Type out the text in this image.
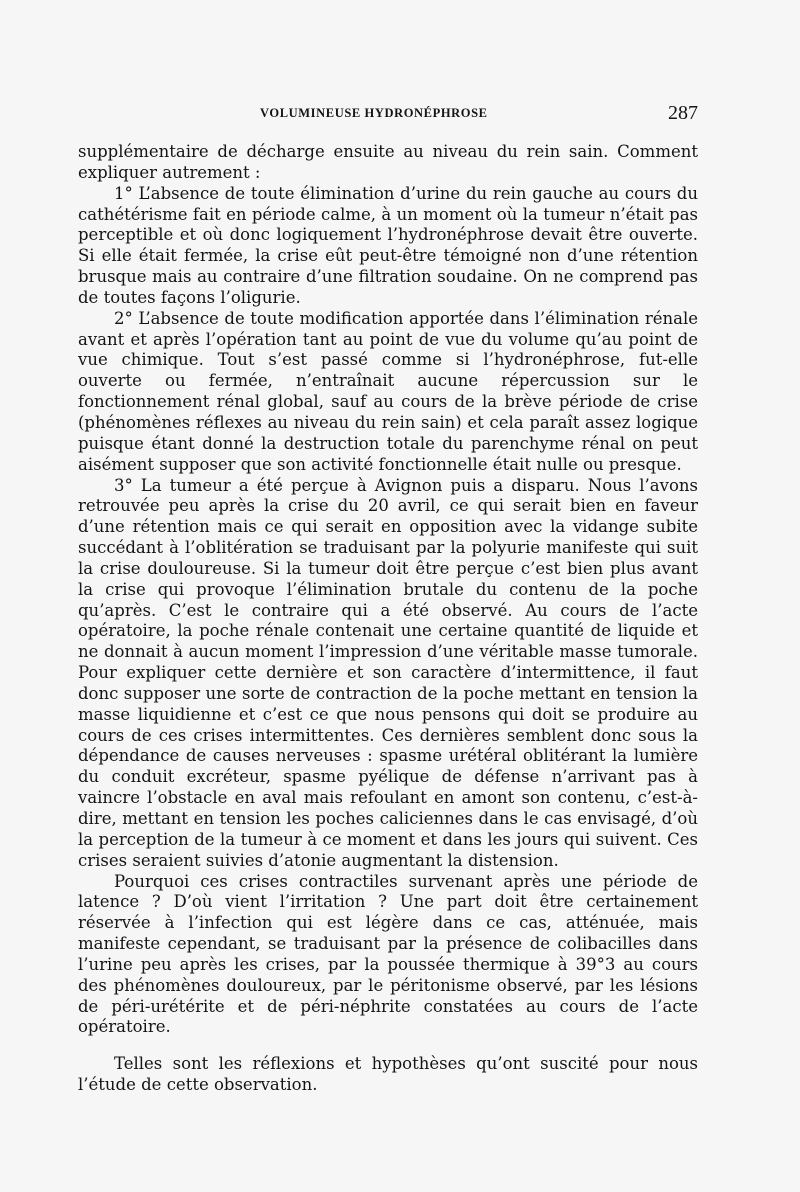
VOLUMINEUSE HYDRONÉPHROSE	287

supplémentaire de décharge ensuite au niveau du rein sain. Comment expliquer autrement :

1° L’absence de toute élimination d’urine du rein gauche au cours du cathétérisme fait en période calme, à un moment où la tumeur n’était pas perceptible et où donc logiquement l’hydronéphrose devait être ouverte. Si elle était fermée, la crise eût peut-être témoigné non d’une rétention brusque mais au contraire d’une filtration soudaine. On ne comprend pas de toutes façons l’oligurie.

2° L’absence de toute modification apportée dans l’élimination rénale avant et après l’opération tant au point de vue du volume qu’au point de vue chimique. Tout s’est passé comme si l’hydronéphrose, fut-elle ouverte ou fermée, n’entraînait aucune répercussion sur le fonctionnement rénal global, sauf au cours de la brève période de crise (phénomènes réflexes au niveau du rein sain) et cela paraît assez logique puisque étant donné la destruction totale du parenchyme rénal on peut aisément supposer que son activité fonctionnelle était nulle ou presque.

3° La tumeur a été perçue à Avignon puis a disparu. Nous l’avons retrouvée peu après la crise du 20 avril, ce qui serait bien en faveur d’une rétention mais ce qui serait en opposition avec la vidange subite succédant à l’oblitération se traduisant par la polyurie manifeste qui suit la crise douloureuse. Si la tumeur doit être perçue c’est bien plus avant la crise qui provoque l’élimination brutale du contenu de la poche qu’après. C’est le contraire qui a été observé. Au cours de l’acte opératoire, la poche rénale contenait une certaine quantité de liquide et ne donnait à aucun moment l’impression d’une véritable masse tumorale. Pour expliquer cette dernière et son caractère d’intermittence, il faut donc supposer une sorte de contraction de la poche mettant en tension la masse liquidienne et c’est ce que nous pensons qui doit se produire au cours de ces crises intermittentes. Ces dernières semblent donc sous la dépendance de causes nerveuses : spasme urétéral oblitérant la lumière du conduit excréteur, spasme pyélique de défense n’arrivant pas à vaincre l’obstacle en aval mais refoulant en amont son contenu, c’est-à-dire, mettant en tension les poches caliciennes dans le cas envisagé, d’où la perception de la tumeur à ce moment et dans les jours qui suivent. Ces crises seraient suivies d’atonie augmentant la distension.

Pourquoi ces crises contractiles survenant après une période de latence ? D’où vient l’irritation ? Une part doit être certainement réservée à l’infection qui est légère dans ce cas, atténuée, mais manifeste cependant, se traduisant par la présence de colibacilles dans l’urine peu après les crises, par la poussée thermique à 39°3 au cours des phénomènes douloureux, par le péritonisme observé, par les lésions de péri-urétérite et de péri-néphrite constatées au cours de l’acte opératoire.

Telles sont les réflexions et hypothèses qu’ont suscité pour nous l’étude de cette observation.
